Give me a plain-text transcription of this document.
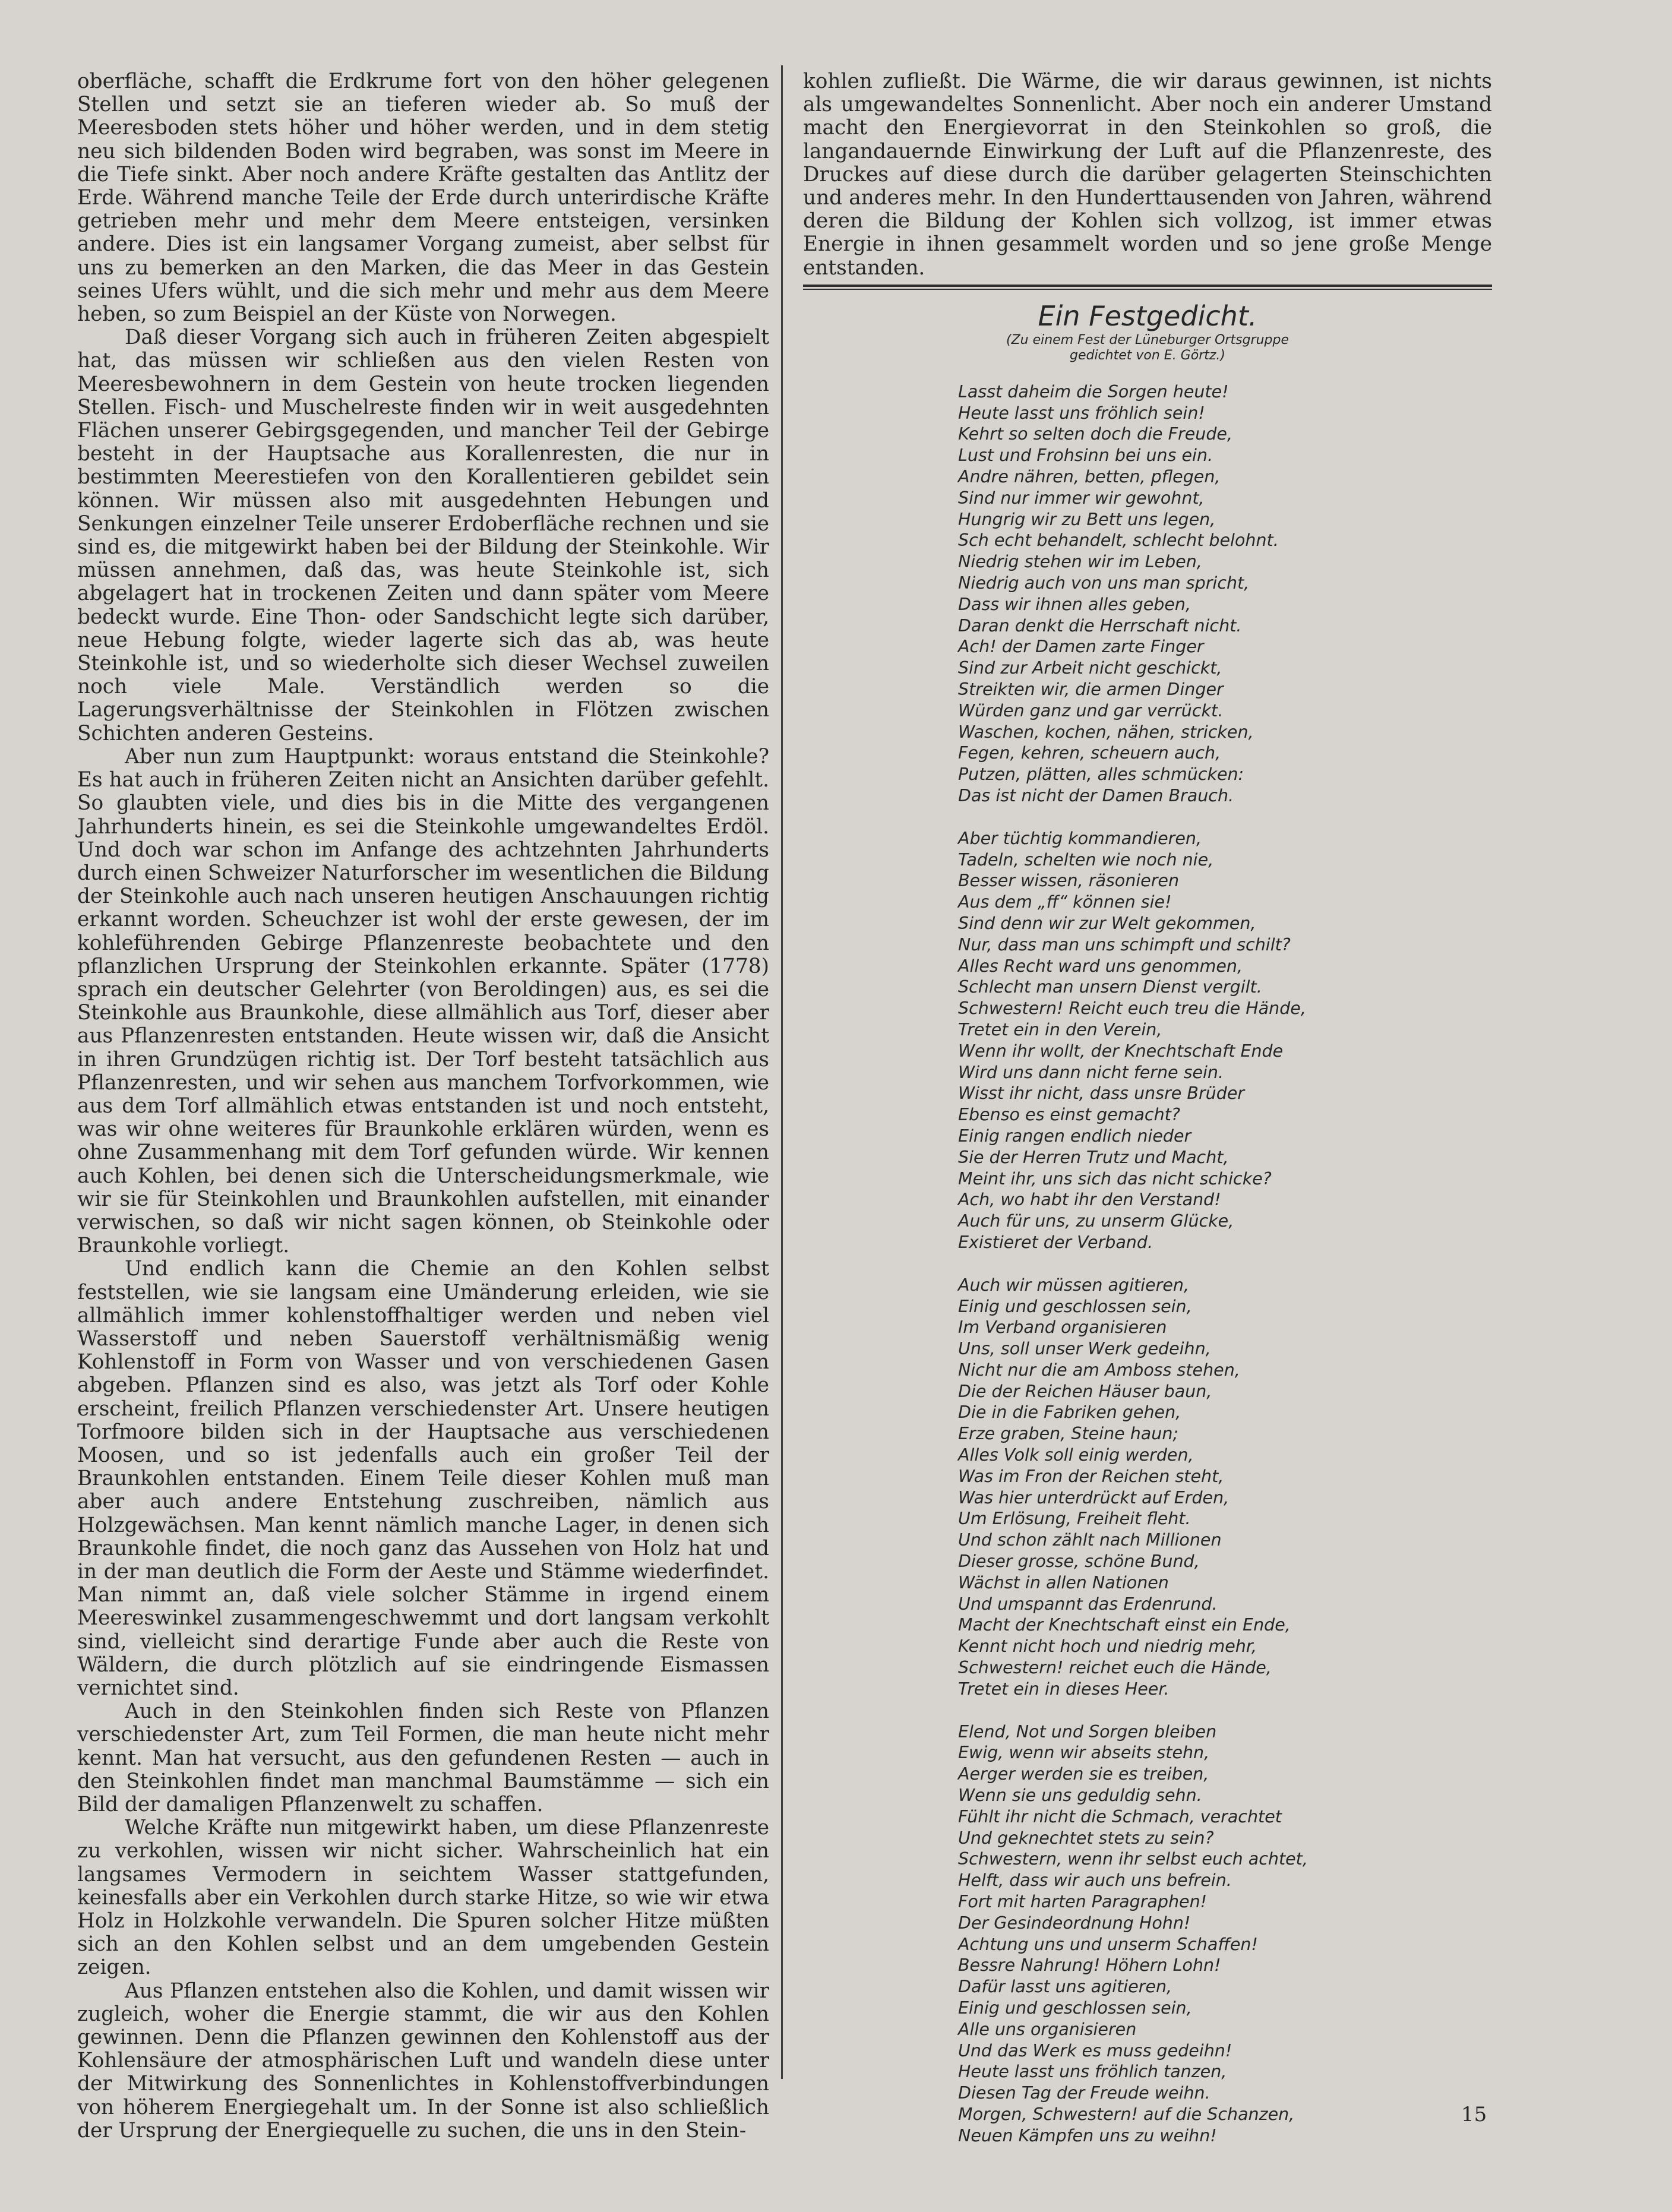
oberfläche, schafft die Erdkrume fort von den höher gelegenen Stellen und setzt sie an tieferen wieder ab. So muß der Meeresboden stets höher und höher werden, und in dem stetig neu sich bildenden Boden wird begraben, was sonst im Meere in die Tiefe sinkt. Aber noch andere Kräfte gestalten das Antlitz der Erde. Während manche Teile der Erde durch unterirdische Kräfte getrieben mehr und mehr dem Meere entsteigen, versinken andere. Dies ist ein langsamer Vorgang zumeist, aber selbst für uns zu bemerken an den Marken, die das Meer in das Gestein seines Ufers wühlt, und die sich mehr und mehr aus dem Meere heben, so zum Beispiel an der Küste von Norwegen.

Daß dieser Vorgang sich auch in früheren Zeiten abgespielt hat, das müssen wir schließen aus den vielen Resten von Meeresbewohnern in dem Gestein von heute trocken liegenden Stellen. Fisch- und Muschelreste finden wir in weit ausgedehnten Flächen unserer Gebirgsgegenden, und mancher Teil der Gebirge besteht in der Hauptsache aus Korallenresten, die nur in bestimmten Meerestiefen von den Korallentieren gebildet sein können. Wir müssen also mit ausgedehnten Hebungen und Senkungen einzelner Teile unserer Erdoberfläche rechnen und sie sind es, die mitgewirkt haben bei der Bildung der Steinkohle. Wir müssen annehmen, daß das, was heute Steinkohle ist, sich abgelagert hat in trockenen Zeiten und dann später vom Meere bedeckt wurde. Eine Thon- oder Sandschicht legte sich darüber, neue Hebung folgte, wieder lagerte sich das ab, was heute Steinkohle ist, und so wiederholte sich dieser Wechsel zuweilen noch viele Male. Verständlich werden so die Lagerungsverhältnisse der Steinkohlen in Flötzen zwischen Schichten anderen Gesteins.

Aber nun zum Hauptpunkt: woraus entstand die Steinkohle? Es hat auch in früheren Zeiten nicht an Ansichten darüber gefehlt. So glaubten viele, und dies bis in die Mitte des vergangenen Jahrhunderts hinein, es sei die Steinkohle umgewandeltes Erdöl. Und doch war schon im Anfange des achtzehnten Jahrhunderts durch einen Schweizer Naturforscher im wesentlichen die Bildung der Steinkohle auch nach unseren heutigen Anschauungen richtig erkannt worden. Scheuchzer ist wohl der erste gewesen, der im kohleführenden Gebirge Pflanzenreste beobachtete und den pflanzlichen Ursprung der Steinkohlen erkannte. Später (1778) sprach ein deutscher Gelehrter (von Beroldingen) aus, es sei die Steinkohle aus Braunkohle, diese allmählich aus Torf, dieser aber aus Pflanzenresten entstanden. Heute wissen wir, daß die Ansicht in ihren Grundzügen richtig ist. Der Torf besteht tatsächlich aus Pflanzenresten, und wir sehen aus manchem Torfvorkommen, wie aus dem Torf allmählich etwas entstanden ist und noch entsteht, was wir ohne weiteres für Braunkohle erklären würden, wenn es ohne Zusammenhang mit dem Torf gefunden würde. Wir kennen auch Kohlen, bei denen sich die Unterscheidungsmerkmale, wie wir sie für Steinkohlen und Braunkohlen aufstellen, mit einander verwischen, so daß wir nicht sagen können, ob Steinkohle oder Braunkohle vorliegt.

Und endlich kann die Chemie an den Kohlen selbst feststellen, wie sie langsam eine Umänderung erleiden, wie sie allmählich immer kohlenstoffhaltiger werden und neben viel Wasserstoff und neben Sauerstoff verhältnismäßig wenig Kohlenstoff in Form von Wasser und von verschiedenen Gasen abgeben. Pflanzen sind es also, was jetzt als Torf oder Kohle erscheint, freilich Pflanzen verschiedenster Art. Unsere heutigen Torfmoore bilden sich in der Hauptsache aus verschiedenen Moosen, und so ist jedenfalls auch ein großer Teil der Braunkohlen entstanden. Einem Teile dieser Kohlen muß man aber auch andere Entstehung zuschreiben, nämlich aus Holzgewächsen. Man kennt nämlich manche Lager, in denen sich Braunkohle findet, die noch ganz das Aussehen von Holz hat und in der man deutlich die Form der Aeste und Stämme wiederfindet. Man nimmt an, daß viele solcher Stämme in irgend einem Meereswinkel zusammengeschwemmt und dort langsam verkohlt sind, vielleicht sind derartige Funde aber auch die Reste von Wäldern, die durch plötzlich auf sie eindringende Eismassen vernichtet sind.

Auch in den Steinkohlen finden sich Reste von Pflanzen verschiedenster Art, zum Teil Formen, die man heute nicht mehr kennt. Man hat versucht, aus den gefundenen Resten — auch in den Steinkohlen findet man manchmal Baumstämme — sich ein Bild der damaligen Pflanzenwelt zu schaffen.

Welche Kräfte nun mitgewirkt haben, um diese Pflanzenreste zu verkohlen, wissen wir nicht sicher. Wahrscheinlich hat ein langsames Vermodern in seichtem Wasser stattgefunden, keinesfalls aber ein Verkohlen durch starke Hitze, so wie wir etwa Holz in Holzkohle verwandeln. Die Spuren solcher Hitze müßten sich an den Kohlen selbst und an dem umgebenden Gestein zeigen.

Aus Pflanzen entstehen also die Kohlen, und damit wissen wir zugleich, woher die Energie stammt, die wir aus den Kohlen gewinnen. Denn die Pflanzen gewinnen den Kohlenstoff aus der Kohlensäure der atmosphärischen Luft und wandeln diese unter der Mitwirkung des Sonnenlichtes in Kohlenstoffverbindungen von höherem Energiegehalt um. In der Sonne ist also schließlich der Ursprung der Energiequelle zu suchen, die uns in den Stein-

kohlen zufließt. Die Wärme, die wir daraus gewinnen, ist nichts als umgewandeltes Sonnenlicht. Aber noch ein anderer Umstand macht den Energievorrat in den Steinkohlen so groß, die langandauernde Einwirkung der Luft auf die Pflanzenreste, des Druckes auf diese durch die darüber gelagerten Steinschichten und anderes mehr. In den Hunderttausenden von Jahren, während deren die Bildung der Kohlen sich vollzog, ist immer etwas Energie in ihnen gesammelt worden und so jene große Menge entstanden.

Ein Festgedicht.
(Zu einem Fest der Lüneburger Ortsgruppe
gedichtet von E. Görtz.)
Lasst daheim die Sorgen heute!
Heute lasst uns fröhlich sein!
Kehrt so selten doch die Freude,
Lust und Frohsinn bei uns ein.
Andre nähren, betten, pflegen,
Sind nur immer wir gewohnt,
Hungrig wir zu Bett uns legen,
Sch echt behandelt, schlecht belohnt.
Niedrig stehen wir im Leben,
Niedrig auch von uns man spricht,
Dass wir ihnen alles geben,
Daran denkt die Herrschaft nicht.
Ach! der Damen zarte Finger
Sind zur Arbeit nicht geschickt,
Streikten wir, die armen Dinger
Würden ganz und gar verrückt.
Waschen, kochen, nähen, stricken,
Fegen, kehren, scheuern auch,
Putzen, plätten, alles schmücken:
Das ist nicht der Damen Brauch.
Aber tüchtig kommandieren,
Tadeln, schelten wie noch nie,
Besser wissen, räsonieren
Aus dem „ff“ können sie!
Sind denn wir zur Welt gekommen,
Nur, dass man uns schimpft und schilt?
Alles Recht ward uns genommen,
Schlecht man unsern Dienst vergilt.
Schwestern! Reicht euch treu die Hände,
Tretet ein in den Verein,
Wenn ihr wollt, der Knechtschaft Ende
Wird uns dann nicht ferne sein.
Wisst ihr nicht, dass unsre Brüder
Ebenso es einst gemacht?
Einig rangen endlich nieder
Sie der Herren Trutz und Macht,
Meint ihr, uns sich das nicht schicke?
Ach, wo habt ihr den Verstand!
Auch für uns, zu unserm Glücke,
Existieret der Verband.
Auch wir müssen agitieren,
Einig und geschlossen sein,
Im Verband organisieren
Uns, soll unser Werk gedeihn,
Nicht nur die am Amboss stehen,
Die der Reichen Häuser baun,
Die in die Fabriken gehen,
Erze graben, Steine haun;
Alles Volk soll einig werden,
Was im Fron der Reichen steht,
Was hier unterdrückt auf Erden,
Um Erlösung, Freiheit fleht.
Und schon zählt nach Millionen
Dieser grosse, schöne Bund,
Wächst in allen Nationen
Und umspannt das Erdenrund.
Macht der Knechtschaft einst ein Ende,
Kennt nicht hoch und niedrig mehr,
Schwestern! reichet euch die Hände,
Tretet ein in dieses Heer.
Elend, Not und Sorgen bleiben
Ewig, wenn wir abseits stehn,
Aerger werden sie es treiben,
Wenn sie uns geduldig sehn.
Fühlt ihr nicht die Schmach, verachtet
Und geknechtet stets zu sein?
Schwestern, wenn ihr selbst euch achtet,
Helft, dass wir auch uns befrein.
Fort mit harten Paragraphen!
Der Gesindeordnung Hohn!
Achtung uns und unserm Schaffen!
Bessre Nahrung! Höhern Lohn!
Dafür lasst uns agitieren,
Einig und geschlossen sein,
Alle uns organisieren
Und das Werk es muss gedeihn!
Heute lasst uns fröhlich tanzen,
Diesen Tag der Freude weihn.
Morgen, Schwestern! auf die Schanzen,
Neuen Kämpfen uns zu weihn!
15
